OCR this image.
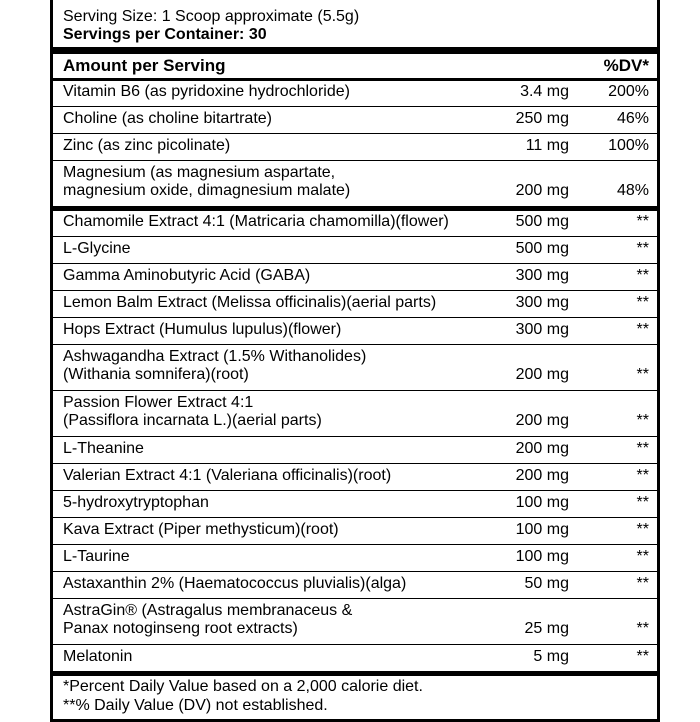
Serving Size: 1 Scoop approximate (5.5g)
Servings per Container: 30
Amount per Serving	%DV*
Vitamin B6 (as pyridoxine hydrochloride)	3.4 mg 200%
Choline (as choline bitartrate)	250 mg	46%
Zinc (as zinc picolinate)	11 mg 100%
Magnesium (as magnesium aspartate,
magnesium oxide, dimagnesium malate)	200 mg	48%
Chamomile Extract 4:1 (Matricaria chamomilla)(flower)	500 mg	**
L-Glycine	500 mg	**
Gamma Aminobutyric Acid (GABA)	300 mg	**
Lemon Balm Extract (Melissa officinalis)(aerial parts)	300 mg	**
Hops Extract (Humulus lupulus)(flower)	300 mg	**
Ashwagandha Extract (1.5% Withanolides)
(Withania somnifera)(root)	200 mg	**
Passion Flower Extract 4:1
(Passiflora incarnata L.)(aerial parts)	200 mg	**
L-Theanine	200 mg	**
Valerian Extract 4:1 (Valeriana officinalis)(root)	200 mg	**
5-hydroxytryptophan	100 mg	**
Kava Extract (Piper methysticum)(root)	100 mg	**
L-Taurine	100 mg	**
Astaxanthin 2% (Haematococcus pluvialis)(alga)	50 mg	**
AstraGin® (Astragalus membranaceus &
Panax notoginseng root extracts)	25 mg	**
Melatonin	5 mg	**
*Percent Daily Value based on a 2,000 calorie diet.
**% Daily Value (DV) not established.
